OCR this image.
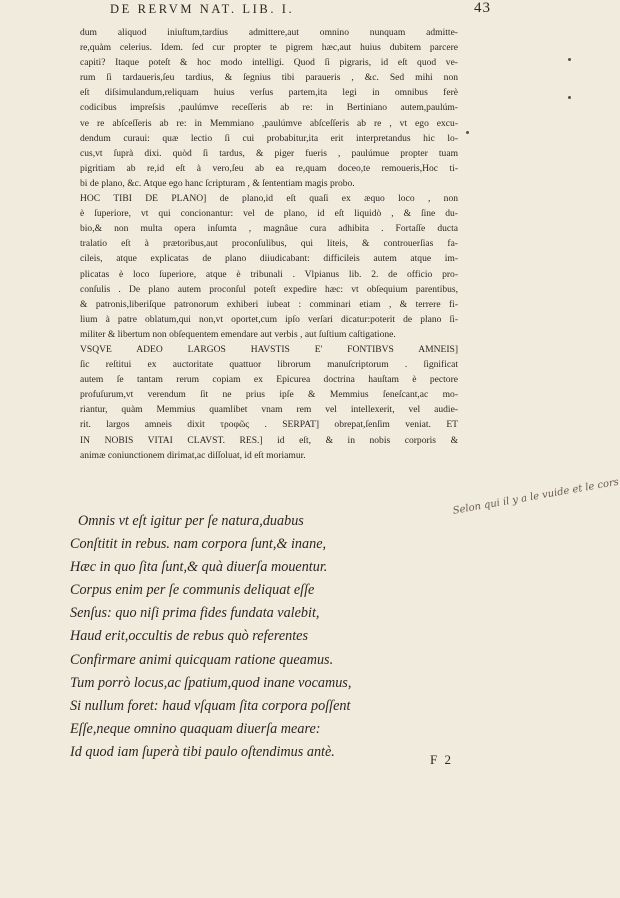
DE RERVM NAT. LIB. I.	43
dum aliquod iniuſtum,tardius admittere,aut omnino nunquam admitte-
re,quàm celerius. Idem. ſed cur propter te pigrem hæc,aut huius dubitem parcere
capiti? Itaque poteſt & hoc modo intelligi. Quod ſi pigraris, id eſt quod ve-
rum ſi tardaueris,ſeu tardius, & ſegnius tibi paraueris , &c. Sed mihi non
eſt diſsimulandum,reliquam huius verſus partem,ita legi in omnibus ferè
codicibus impreſsis ,paulúmve receſſeris ab re: in Bertiniano autem,paulúm-
ve re abſceſſeris ab re: in Memmiano ,paulúmve abſceſſeris ab re , vt ego excu-
dendum curaui: quæ lectio ſi cui probabitur,ita erit interpretandus hic lo-
cus,vt ſuprà dixi. quòd ſi tardus, & piger fueris , paulúmue propter tuam
pigritiam ab re,id eſt à vero,ſeu ab ea re,quam doceo,te remoueris,Hoc ti-
bi de plano, &c. Atque ego hanc ſcripturam , & ſententiam magis probo.
HOC TIBI DE PLANO] de plano,id eſt quaſi ex æquo loco , non
è ſuperiore, vt qui concionantur: vel de plano, id eſt liquidò , & ſine du-
bio,& non multa opera inſumta , magnâue cura adhibita . Fortaſſe ducta
tralatio eſt à prætoribus,aut proconſulibus, qui liteis, & controuerſias fa-
cileis, atque explicatas de plano diiudicabant: difficileis autem atque im-
plicatas è loco ſuperiore, atque è tribunali . Vlpianus lib. 2. de officio pro-
conſulis . De plano autem proconſul poteſt expedire hæc: vt obſequium parentibus,
& patronis,liberiſque patronorum exhiberi iubeat : comminari etiam , & terrere fi-
lium à patre oblatum,qui non,vt oportet,cum ipſo verſari dicatur:poterit de plano ſi-
militer & libertum non obſequentem emendare aut verbis , aut ſuſtium caſtigatione.
VSQVE ADEO LARGOS HAVSTIS E' FONTIBVS AMNEIS]
ſic reſtitui ex auctoritate quattuor librorum manuſcriptorum . ſignificat
autem ſe tantam rerum copiam ex Epicurea doctrina hauſtam è pectore
profuſurum,vt verendum ſit ne prius ipſe & Memmius ſeneſcant,ac mo-
riantur, quàm Memmius quamlibet vnam rem vel intellexerit, vel audie-
rit. largos amneis dixit τροφῶς . SERPAT] obrepat,ſenſim veniat. ET
IN NOBIS VITAI CLAVST. RES.] id eſt, & in nobis corporis &
animæ coniunctionem dirimat,ac diſſoluat, id eſt moriamur.
Selon qui il y a le vuide et le cors
Omnis vt eſt igitur per ſe natura,duabus
Conſtitit in rebus. nam corpora ſunt,& inane,
Hæc in quo ſita ſunt,& quà diuerſa mouentur.
Corpus enim per ſe communis deliquat eſſe
Senſus: quo niſi prima fides fundata valebit,
Haud erit,occultis de rebus quò referentes
Confirmare animi quicquam ratione queamus.
Tum porrò locus,ac ſpatium,quod inane vocamus,
Si nullum foret: haud vſquam ſita corpora poſſent
Eſſe,neque omnino quaquam diuerſa meare:
Id quod iam ſuperà tibi paulo oſtendimus antè.	F 2
